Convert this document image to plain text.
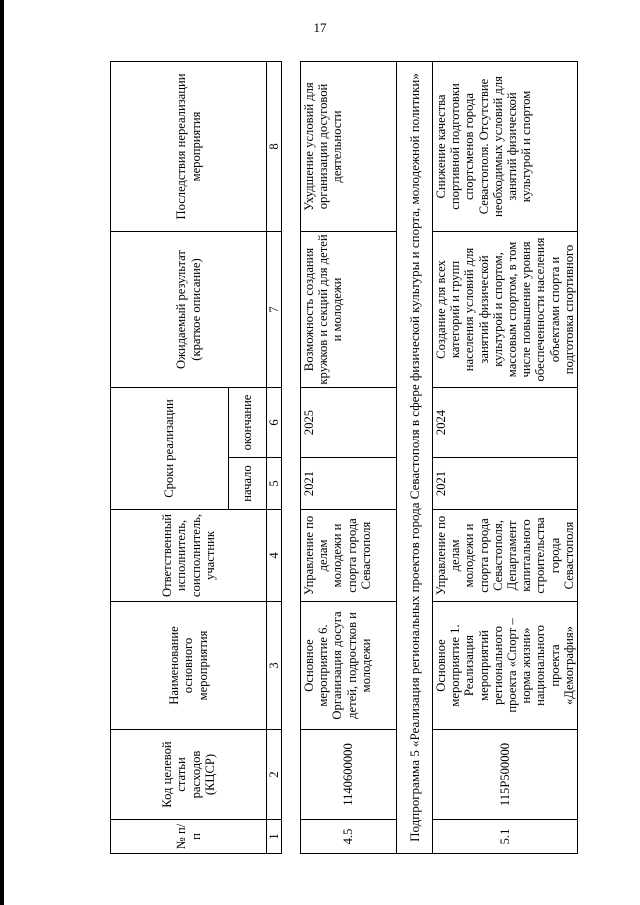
17
№ п/п	Код целевой статьи расходов (КЦСР)	Наименование основного мероприятия	Ответственный исполнитель, соисполнитель, участник	Сроки реализации		Ожидаемый результат (краткое описание)	Последствия нереализации мероприятия
				начало	окончание		
1	2	3	4	5	6	7	8
4.5	1140600000	Основное мероприятие 6. Организация досуга детей, подростков и молодежи	Управление по делам молодежи и спорта города Севастополя	2021	2025	Возможность создания кружков и секций для детей и молодежи	Ухудшение условий для организации досуговой деятельности
Подпрограмма 5 «Реализация региональных проектов города Севастополя в сфере физической культуры и спорта, молодежной политики»							
5.1	115P500000	Основное мероприятие 1. Реализация мероприятий регионального проекта «Спорт – норма жизни» национального проекта «Демография»	Управление по делам молодежи и спорта города Севастополя, Департамент капитального строительства города Севастополя	2021	2024	Создание для всех категорий и групп населения условий для занятий физической культурой и спортом, массовым спортом, в том числе повышение уровня обеспеченности населения объектами спорта и подготовка спортивного	Снижение качества спортивной подготовки спортсменов города Севастополя. Отсутствие необходимых условий для занятий физической культурой и спортом
